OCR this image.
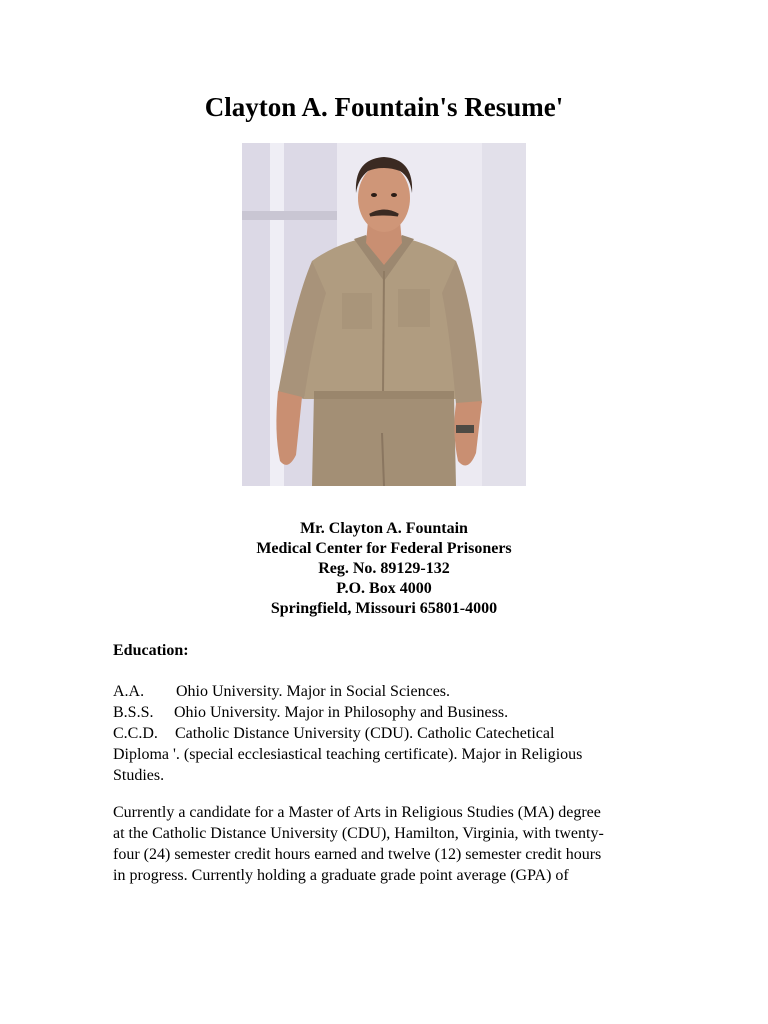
Clayton A. Fountain's Resume'
Mr. Clayton A. Fountain
Medical Center for Federal Prisoners
Reg. No. 89129-132
P.O. Box 4000
Springfield, Missouri 65801-4000
Education:
A.A. Ohio University. Major in Social Sciences.
B.S.S. Ohio University. Major in Philosophy and Business.
C.C.D. Catholic Distance University (CDU). Catholic Catechetical
Diploma '. (special ecclesiastical teaching certificate). Major in Religious
Studies.
Currently a candidate for a Master of Arts in Religious Studies (MA) degree
at the Catholic Distance University (CDU), Hamilton, Virginia, with twenty-
four (24) semester credit hours earned and twelve (12) semester credit hours
in progress. Currently holding a graduate grade point average (GPA) of
